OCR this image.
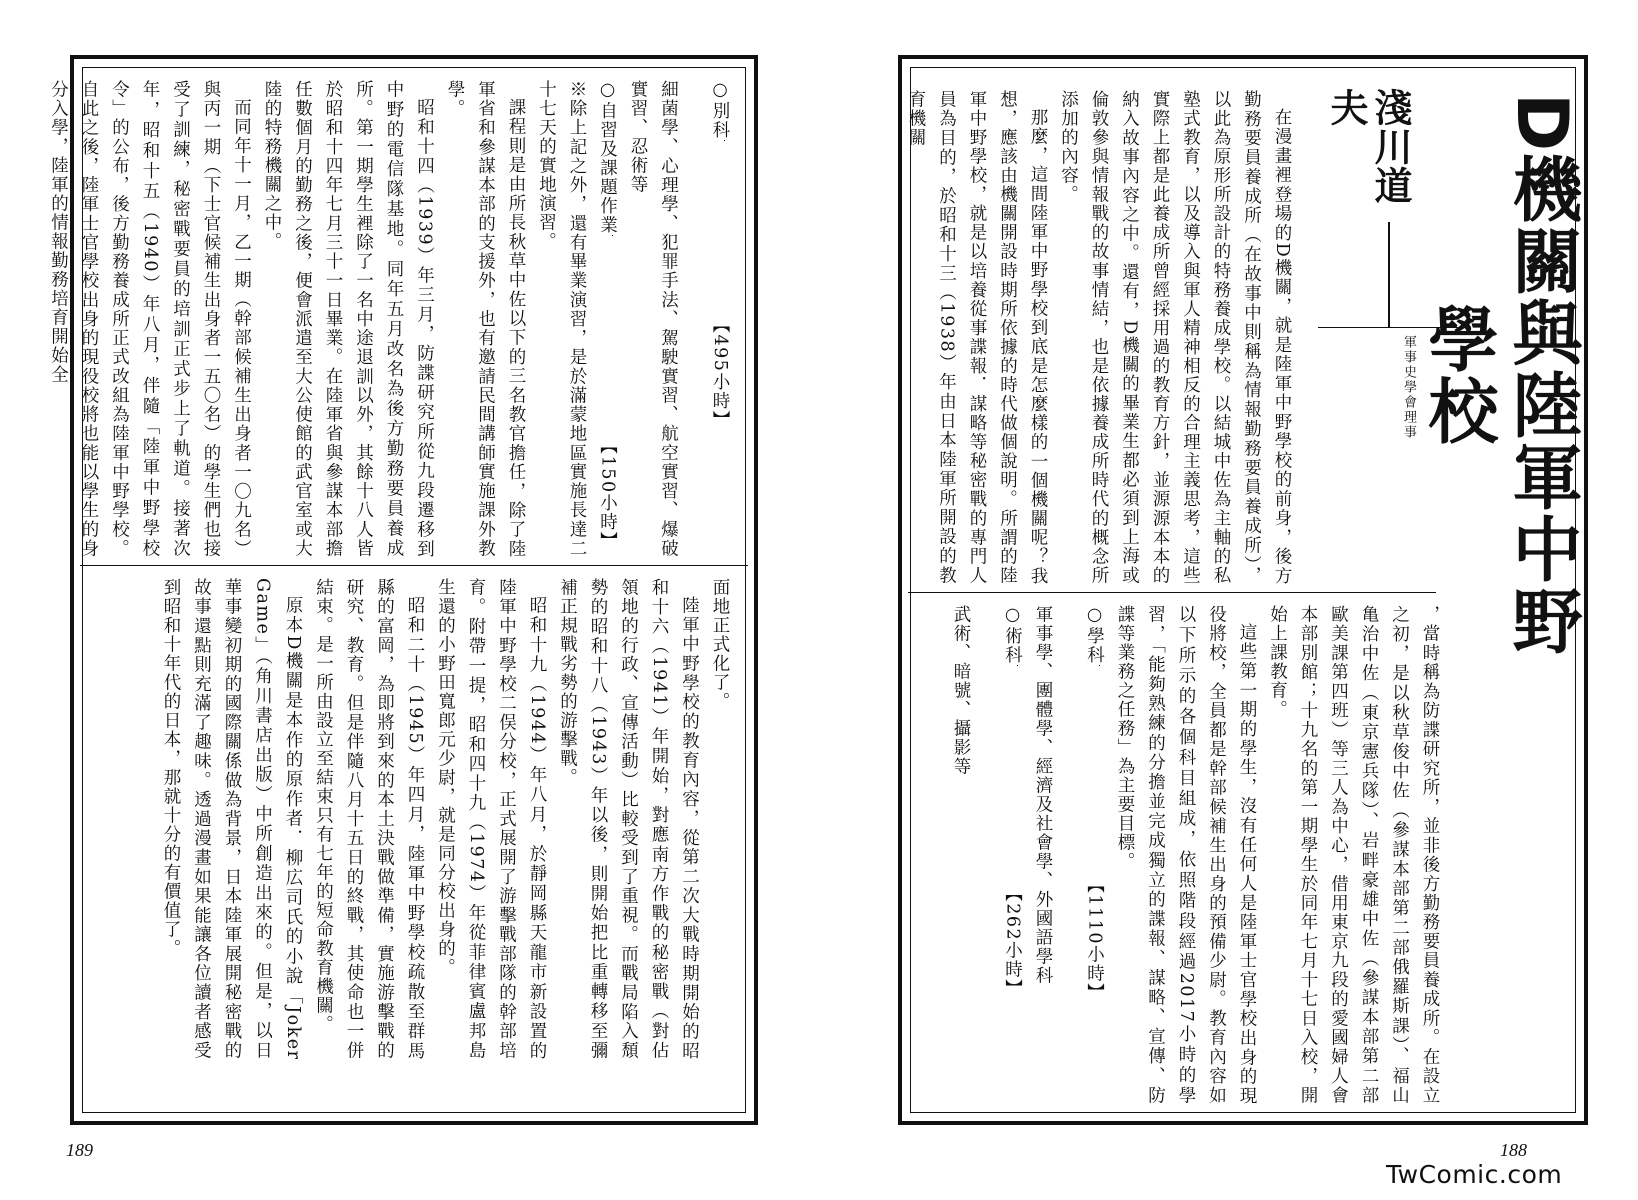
○別科【495小時】
細菌學、心理學、犯罪手法、駕駛實習、航空實習、爆破實習、忍術等
○自習及課題作業【150小時】

※除上記之外，還有畢業演習，是於滿蒙地區實施長達二十七天的實地演習。

課程則是由所長秋草中佐以下的三名教官擔任，除了陸軍省和參謀本部的支援外，也有邀請民間講師實施課外教學。

昭和十四（1939）年三月，防諜研究所從九段遷移到中野的電信隊基地。同年五月改名為後方勤務要員養成所。第一期學生裡除了一名中途退訓以外，其餘十八人皆於昭和十四年七月三十一日畢業。在陸軍省與參謀本部擔任數個月的勤務之後，便會派遣至大公使館的武官室或大陸的特務機關之中。

而同年十一月，乙一期（幹部候補生出身者一〇九名）與丙一期（下士官候補生出身者一五〇名）的學生們也接受了訓練，秘密戰要員的培訓正式步上了軌道。接著次年，昭和十五（1940）年八月，伴隨「陸軍中野學校令」的公布，後方勤務養成所正式改組為陸軍中野學校。自此之後，陸軍士官學校出身的現役校將也能以學生的身分入學，陸軍的情報勤務培育開始全

面地正式化了。

陸軍中野學校的教育內容，從第二次大戰時期開始的昭和十六（1941）年開始，對應南方作戰的秘密戰（對佔領地的行政、宣傳活動）比較受到了重視。而戰局陷入頹勢的昭和十八（1943）年以後，則開始把比重轉移至彌補正規戰劣勢的游擊戰。

昭和十九（1944）年八月，於靜岡縣天龍市新設置的陸軍中野學校二俣分校，正式展開了游擊戰部隊的幹部培育。附帶一提，昭和四十九（1974）年從菲律賓盧邦島生還的小野田寬郎元少尉，就是同分校出身的。

昭和二十（1945）年四月，陸軍中野學校疏散至群馬縣的富岡，為即將到來的本土決戰做準備，實施游擊戰的研究、教育。但是伴隨八月十五日的終戰，其使命也一併結束。是一所由設立至結束只有七年的短命教育機關。

原本D機關是本作的原作者．柳広司氏的小說「Joker Game」（角川書店出版）中所創造出來的。但是，以日華事變初期的國際關係做為背景，日本陸軍展開秘密戰的故事還點則充滿了趣味。透過漫畫如果能讓各位讀者感受到昭和十年代的日本，那就十分的有價值了。

189
D機關與陸軍中野學校
淺川道夫
軍事史學會理事

在漫畫裡登場的D機關，就是陸軍中野學校的前身，後方勤務要員養成所（在故事中則稱為情報勤務要員養成所），以此為原形所設計的特務養成學校。以結城中佐為主軸的私塾式教育，以及導入與軍人精神相反的合理主義思考，這些實際上都是此養成所曾經採用過的教育方針，並源源本本的納入故事內容之中。還有，D機關的畢業生都必須到上海或倫敦參與情報戰的故事情結，也是依據養成所時代的概念所添加的內容。

那麼，這間陸軍中野學校到底是怎麼樣的一個機關呢？我想，應該由機關開設時期所依據的時代做個說明。所謂的陸軍中野學校，就是以培養從事諜報．謀略等秘密戰的專門人員為目的，於昭和十三（1938）年由日本陸軍所開設的教育機關

，當時稱為防諜研究所，並非後方勤務要員養成所。在設立之初，是以秋草俊中佐（參謀本部第二部俄羅斯課）、福山亀治中佐（東京憲兵隊）、岩畔豪雄中佐（參謀本部第二部歐美課第四班）等三人為中心，借用東京九段的愛國婦人會本部別館；十九名的第一期學生於同年七月十七日入校，開始上課教育。

這些第一期的學生，沒有任何人是陸軍士官學校出身的現役將校，全員都是幹部候補生出身的預備少尉。教育內容如以下所示的各個科目組成，依照階段經過2017小時的學習，「能夠熟練的分擔並完成獨立的諜報、謀略、宣傳、防諜等業務之任務」為主要目標。

○學科【1110小時】
軍事學、團體學、經濟及社會學、外國語學科
○術科【262小時】
武術、暗號、攝影等
188
TwComic.com
